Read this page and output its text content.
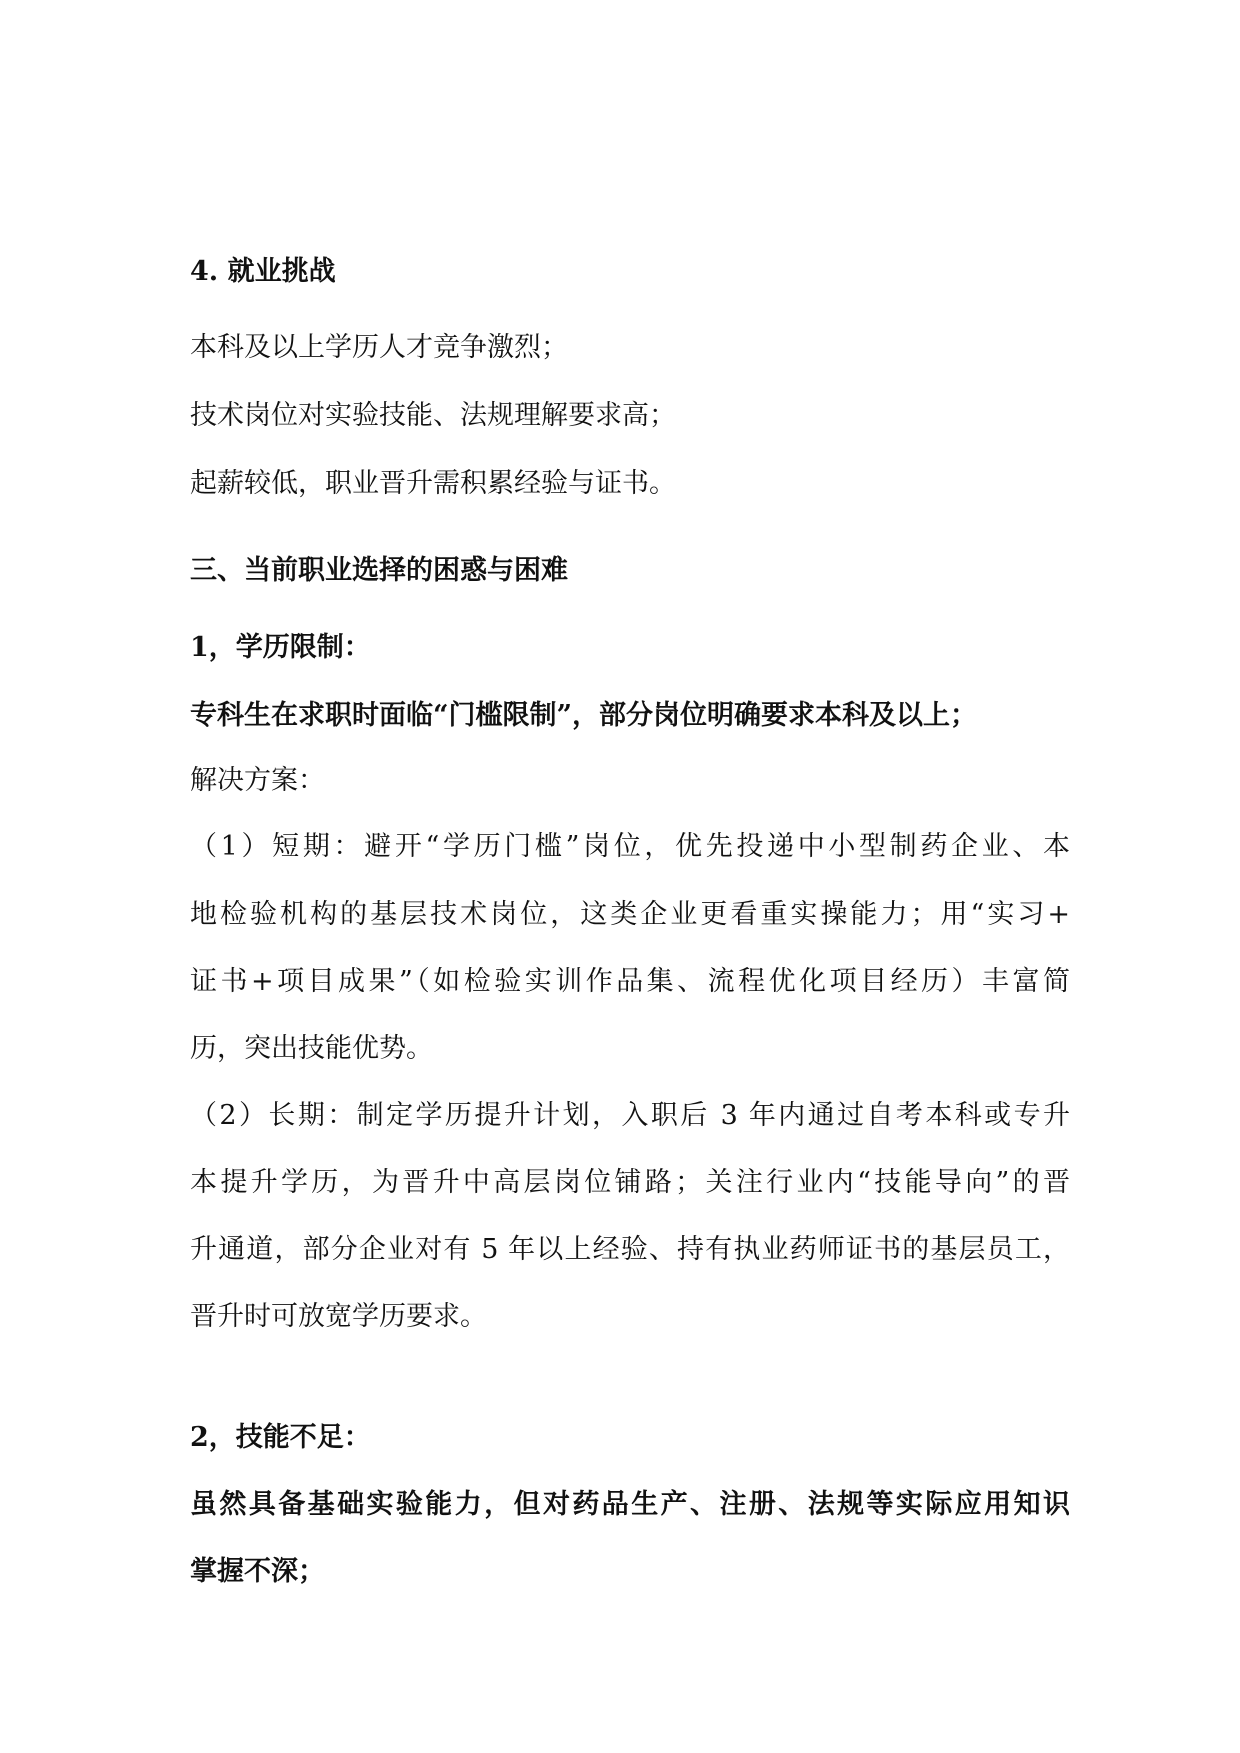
4. 就业挑战

本科及以上学历人才竞争激烈；

技术岗位对实验技能、法规理解要求高；

起薪较低，职业晋升需积累经验与证书。

三、当前职业选择的困惑与困难

1，学历限制：

专科生在求职时面临“门槛限制”，部分岗位明确要求本科及以上；

解决方案：

（1）短期：避开“学历门槛”岗位，优先投递中小型制药企业、本

地检验机构的基层技术岗位，这类企业更看重实操能力；用“实习+

证书+项目成果”（如检验实训作品集、流程优化项目经历）丰富简

历，突出技能优势。

（2）长期：制定学历提升计划，入职后 3 年内通过自考本科或专升

本提升学历，为晋升中高层岗位铺路；关注行业内“技能导向”的晋

升通道，部分企业对有 5 年以上经验、持有执业药师证书的基层员工，

晋升时可放宽学历要求。

2，技能不足：

虽然具备基础实验能力，但对药品生产、注册、法规等实际应用知识

掌握不深；
